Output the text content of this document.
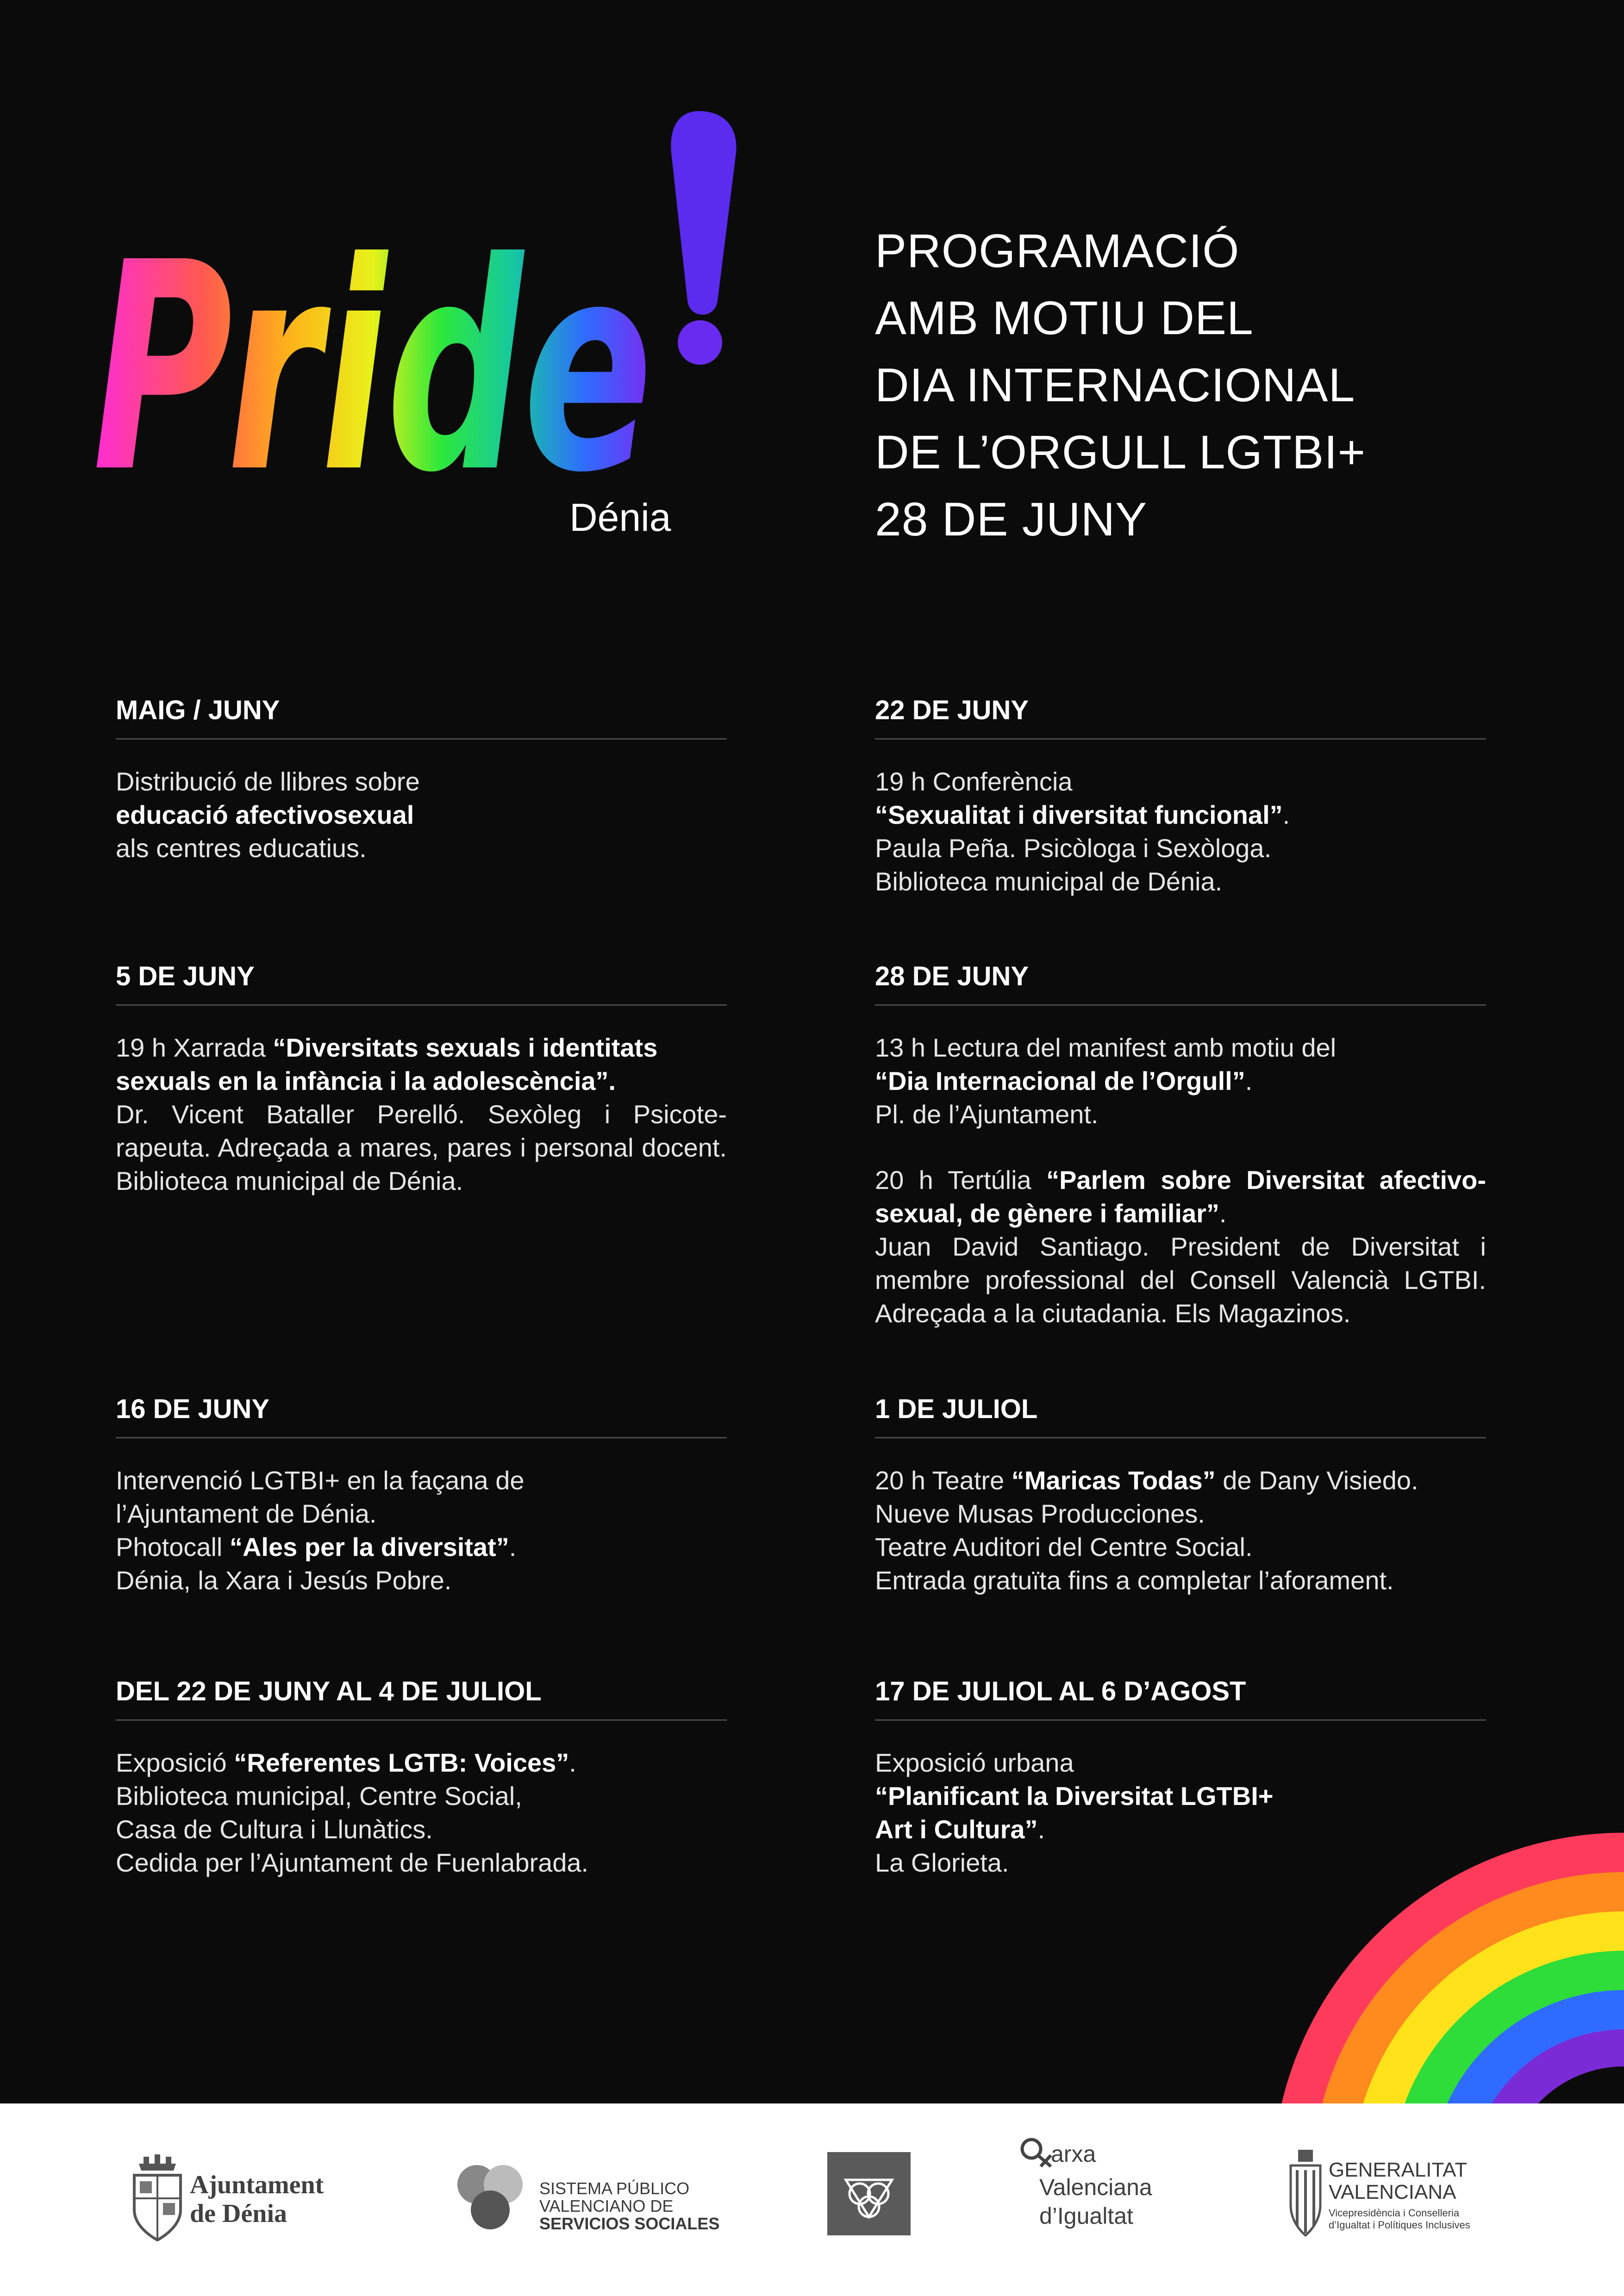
Pride
Dénia
PROGRAMACIÓ
AMB MOTIU DEL
DIA INTERNACIONAL
DE L’ORGULL LGTBI+
28 DE JUNY
MAIG / JUNY

Distribució de llibres sobre

educació afectivosexual

als centres educatius.

22 DE JUNY

19 h Conferència

“Sexualitat i diversitat funcional”.

Paula Peña. Psicòloga i Sexòloga.

Biblioteca municipal de Dénia.

5 DE JUNY

19 h Xarrada “Diversitats sexuals i identitats sexuals en la infància i la adolescència”.

Dr. Vicent Bataller Perelló. Sexòleg i Psicote-rapeuta. Adreçada a mares, pares i personal docent. Biblioteca municipal de Dénia.

28 DE JUNY

13 h Lectura del manifest amb motiu del

“Dia Internacional de l’Orgull”.

Pl. de l’Ajuntament.

20 h Tertúlia “Parlem sobre Diversitat afectivo-sexual, de gènere i familiar”.

Juan David Santiago. President de Diversitat i membre professional del Consell Valencià LGTBI. Adreçada a la ciutadania. Els Magazinos.

16 DE JUNY

Intervenció LGTBI+ en la façana de

l’Ajuntament de Dénia.

Photocall “Ales per la diversitat”.

Dénia, la Xara i Jesús Pobre.

1 DE JULIOL

20 h Teatre “Maricas Todas” de Dany Visiedo.

Nueve Musas Producciones.

Teatre Auditori del Centre Social.

Entrada gratuïta fins a completar l’aforament.

DEL 22 DE JUNY AL 4 DE JULIOL

Exposició “Referentes LGTB: Voices”.

Biblioteca municipal, Centre Social,

Casa de Cultura i Llunàtics.

Cedida per l’Ajuntament de Fuenlabrada.

17 DE JULIOL AL 6 D’AGOST

Exposició urbana

“Planificant la Diversitat LGTBI+

Art i Cultura”.

La Glorieta.

Ajuntament
de Dénia
SISTEMA PÚBLICO
VALENCIANO DE
SERVICIOS SOCIALES
arxa
Valenciana
d’Igualtat
GENERALITAT
VALENCIANA
Vicepresidència i Conselleria
d’Igualtat i Polítiques Inclusives
